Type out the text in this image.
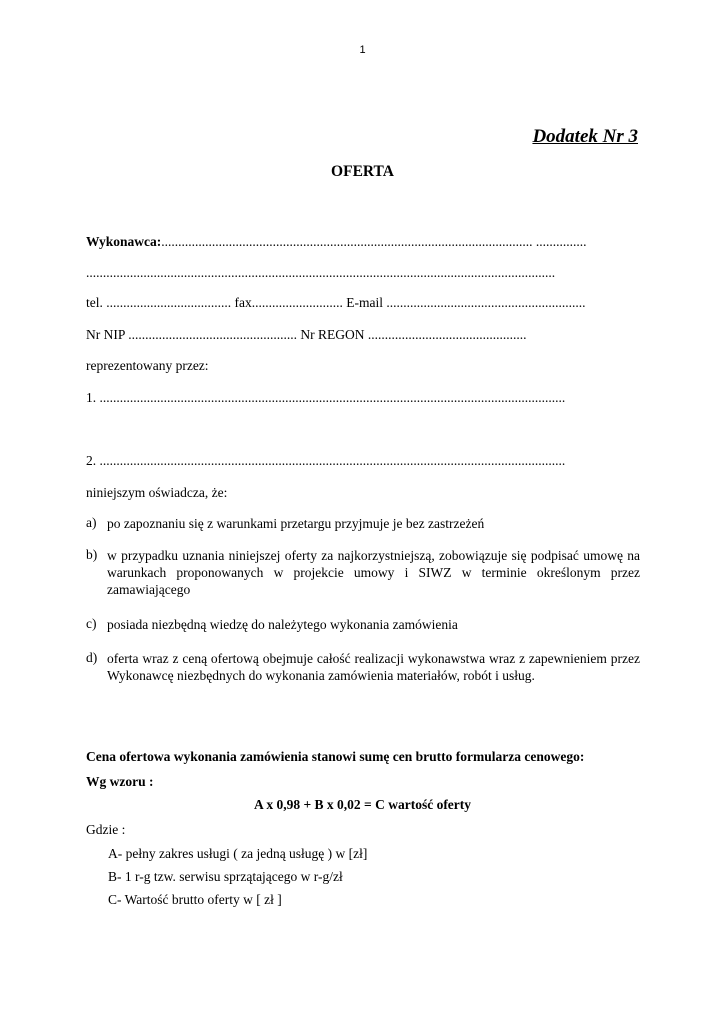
1
Dodatek Nr 3
OFERTA
Wykonawca:.............................................................................................................. ...............
...........................................................................................................................................
tel. ..................................... fax........................... E-mail ...........................................................
Nr NIP .................................................. Nr REGON ...............................................
reprezentowany przez:
1. ..........................................................................................................................................
2. ..........................................................................................................................................
niniejszym oświadcza, że:
a) po zapoznaniu się z warunkami przetargu przyjmuje je bez zastrzeżeń
b) w przypadku uznania niniejszej oferty za najkorzystniejszą, zobowiązuje się podpisać umowę na warunkach proponowanych w projekcie umowy i SIWZ w terminie określonym przez zamawiającego
c) posiada niezbędną wiedzę do należytego wykonania zamówienia
d) oferta wraz z ceną ofertową obejmuje całość realizacji wykonawstwa wraz z zapewnieniem przez Wykonawcę niezbędnych do wykonania zamówienia materiałów, robót i usług.
Cena ofertowa wykonania zamówienia stanowi sumę cen brutto formularza cenowego:
Wg wzoru :
A x 0,98 + B x 0,02 = C wartość oferty
Gdzie :
A- pełny zakres usługi ( za jedną usługę ) w [zł]
B- 1 r-g tzw. serwisu sprzątającego w r-g/zł
C- Wartość brutto oferty w [ zł ]
